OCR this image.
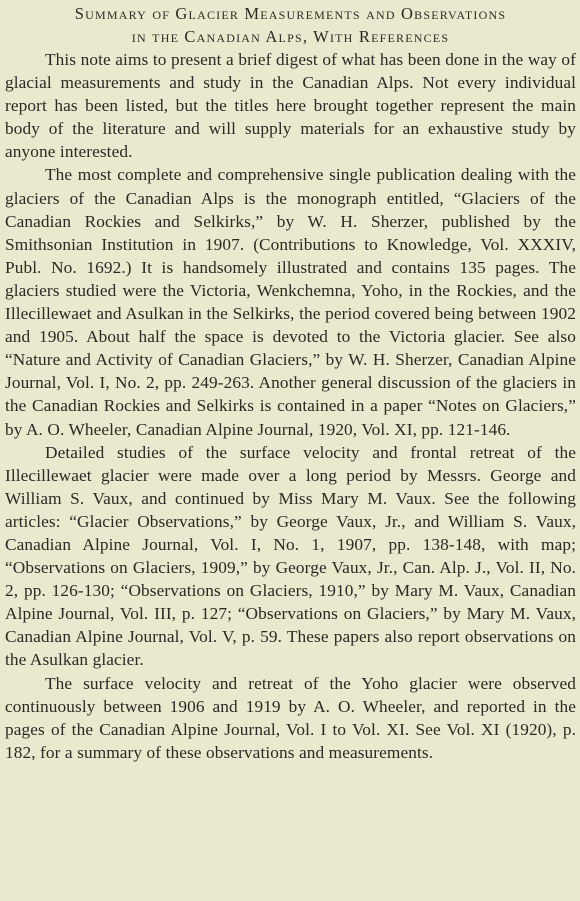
Summary of Glacier Measurements and Observations
in the Canadian Alps, With References

This note aims to present a brief digest of what has been done in the way of glacial measurements and study in the Canadian Alps. Not every individual report has been listed, but the titles here brought together represent the main body of the literature and will supply materials for an exhaustive study by anyone interested.

The most complete and comprehensive single publication dealing with the glaciers of the Canadian Alps is the monograph entitled, “Glaciers of the Canadian Rockies and Selkirks,” by W. H. Sherzer, published by the Smithsonian Institution in 1907. (Contributions to Knowledge, Vol. XXXIV, Publ. No. 1692.) It is handsomely illustrated and contains 135 pages. The glaciers studied were the Victoria, Wenkchemna, Yoho, in the Rockies, and the Illecillewaet and Asulkan in the Selkirks, the period covered being between 1902 and 1905. About half the space is devoted to the Victoria glacier. See also “Nature and Activity of Canadian Glaciers,” by W. H. Sherzer, Canadian Alpine Journal, Vol. I, No. 2, pp. 249-263. Another general discussion of the glaciers in the Canadian Rockies and Selkirks is contained in a paper “Notes on Glaciers,” by A. O. Wheeler, Canadian Alpine Journal, 1920, Vol. XI, pp. 121-146.

Detailed studies of the surface velocity and frontal retreat of the Illecillewaet glacier were made over a long period by Messrs. George and William S. Vaux, and continued by Miss Mary M. Vaux. See the following articles: “Glacier Observations,” by George Vaux, Jr., and William S. Vaux, Canadian Alpine Journal, Vol. I, No. 1, 1907, pp. 138-148, with map; “Observations on Glaciers, 1909,” by George Vaux, Jr., Can. Alp. J., Vol. II, No. 2, pp. 126-130; “Observations on Glaciers, 1910,” by Mary M. Vaux, Canadian Alpine Journal, Vol. III, p. 127; “Observations on Glaciers,” by Mary M. Vaux, Canadian Alpine Journal, Vol. V, p. 59. These papers also report observations on the Asulkan glacier.

The surface velocity and retreat of the Yoho glacier were observed continuously between 1906 and 1919 by A. O. Wheeler, and reported in the pages of the Canadian Alpine Journal, Vol. I to Vol. XI. See Vol. XI (1920), p. 182, for a summary of these observations and measurements.
